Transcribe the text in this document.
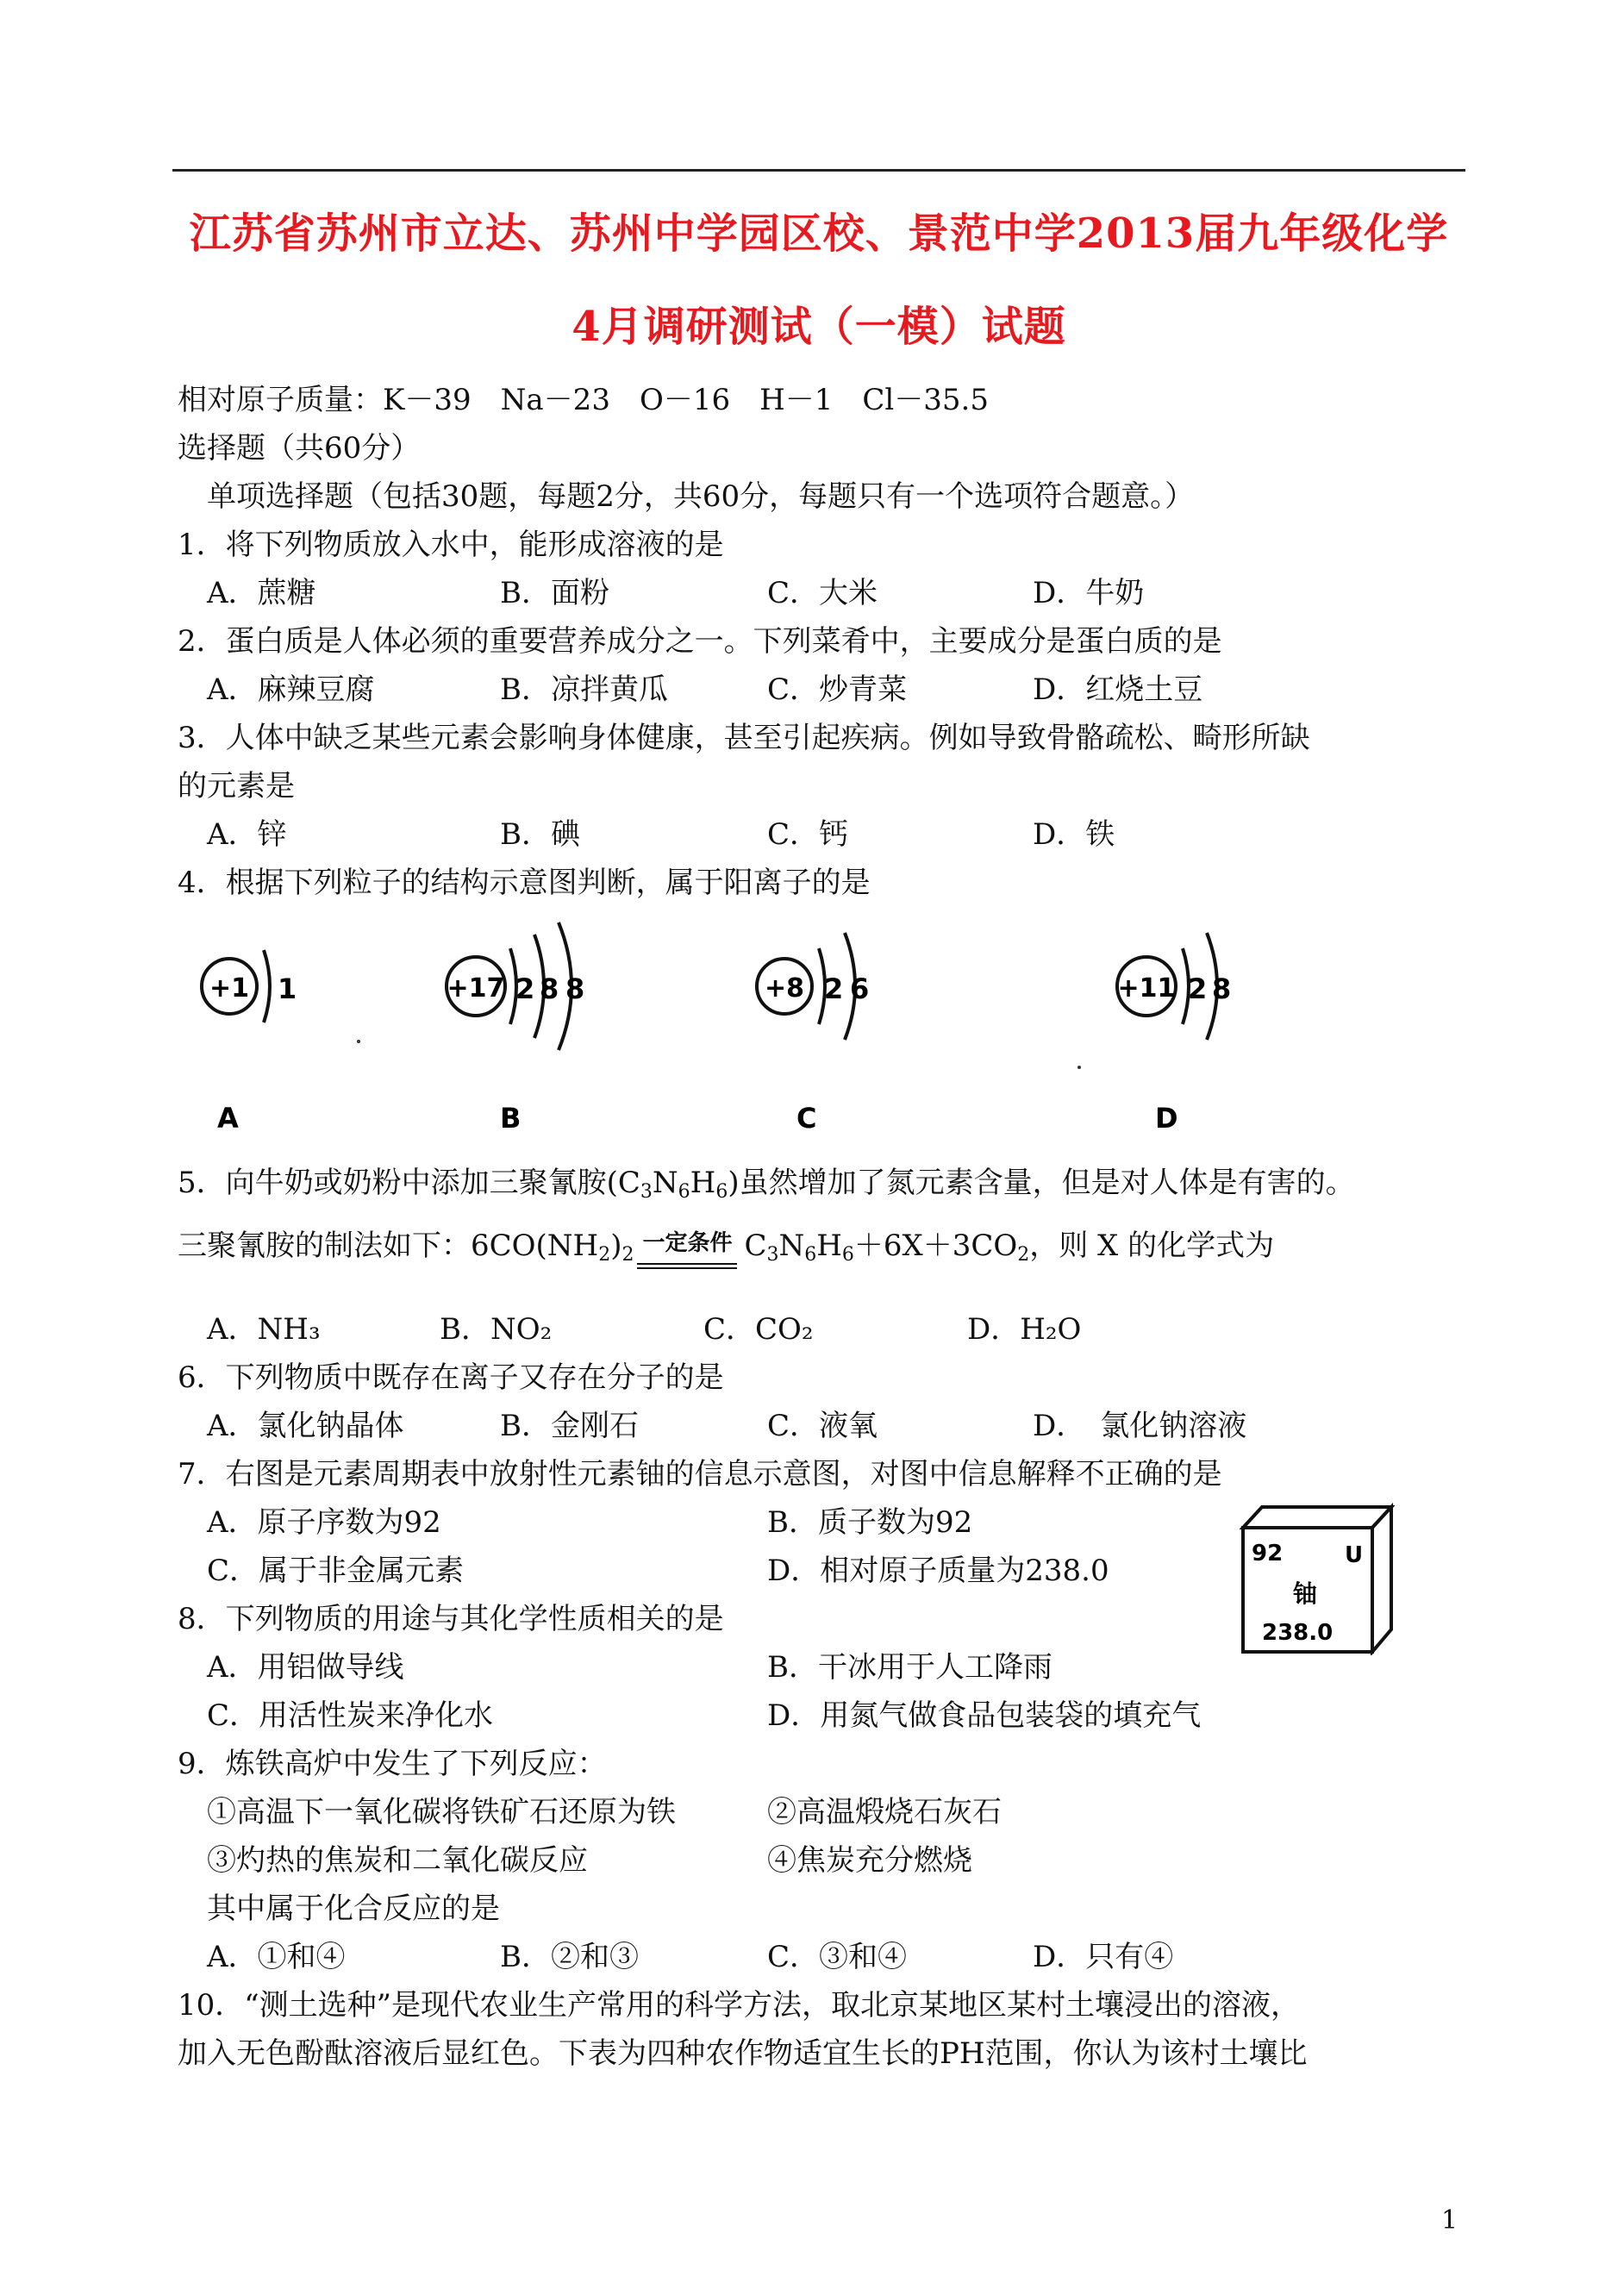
江苏省苏州市立达、苏州中学园区校、景范中学2013届九年级化学
4月调研测试（一模）试题
相对原子质量：K－39　Na－23　O－16　H－1　Cl－35.5
选择题（共60分）
单项选择题（包括30题，每题2分，共60分，每题只有一个选项符合题意。）
1．将下列物质放入水中，能形成溶液的是
A．蔗糖	B．面粉	C．大米	D．牛奶
2．蛋白质是人体必须的重要营养成分之一。下列菜肴中，主要成分是蛋白质的是
A．麻辣豆腐	B．凉拌黄瓜	C．炒青菜	D．红烧土豆
3．人体中缺乏某些元素会影响身体健康，甚至引起疾病。例如导致骨骼疏松、畸形所缺
的元素是
A．锌	B．碘	C．钙	D．铁
4．根据下列粒子的结构示意图判断，属于阳离子的是
+1 1	+17 2 8 8	+8 2 6	+11 2 8
A	B	C	D
5．向牛奶或奶粉中添加三聚氰胺$(C_3N_6H_6)$虽然增加了氮元素含量，但是对人体是有害的。
三聚氰胺的制法如下：$6CO(NH_2)_2$ 一定条件 $C_3N_6H_6+6X+3CO_2$，则 X 的化学式为
A．NH₃	B．NO₂	C．CO₂	D．H₂O
6．下列物质中既存在离子又存在分子的是
A．氯化钠晶体	B．金刚石	C．液氧	D．　氯化钠溶液
7．右图是元素周期表中放射性元素铀的信息示意图，对图中信息解释不正确的是
A．原子序数为92	B．质子数为92
C．属于非金属元素	D．相对原子质量为238.0	92	U
铀
238.0
8．下列物质的用途与其化学性质相关的是
A．用铝做导线	B．干冰用于人工降雨
C．用活性炭来净化水	D．用氮气做食品包装袋的填充气
9．炼铁高炉中发生了下列反应：
①高温下一氧化碳将铁矿石还原为铁	②高温煅烧石灰石
③灼热的焦炭和二氧化碳反应	④焦炭充分燃烧
其中属于化合反应的是
A．①和④	B．②和③	C．③和④	D．只有④
10．“测土选种”是现代农业生产常用的科学方法，取北京某地区某村土壤浸出的溶液，
加入无色酚酞溶液后显红色。下表为四种农作物适宜生长的PH范围，你认为该村土壤比
1
